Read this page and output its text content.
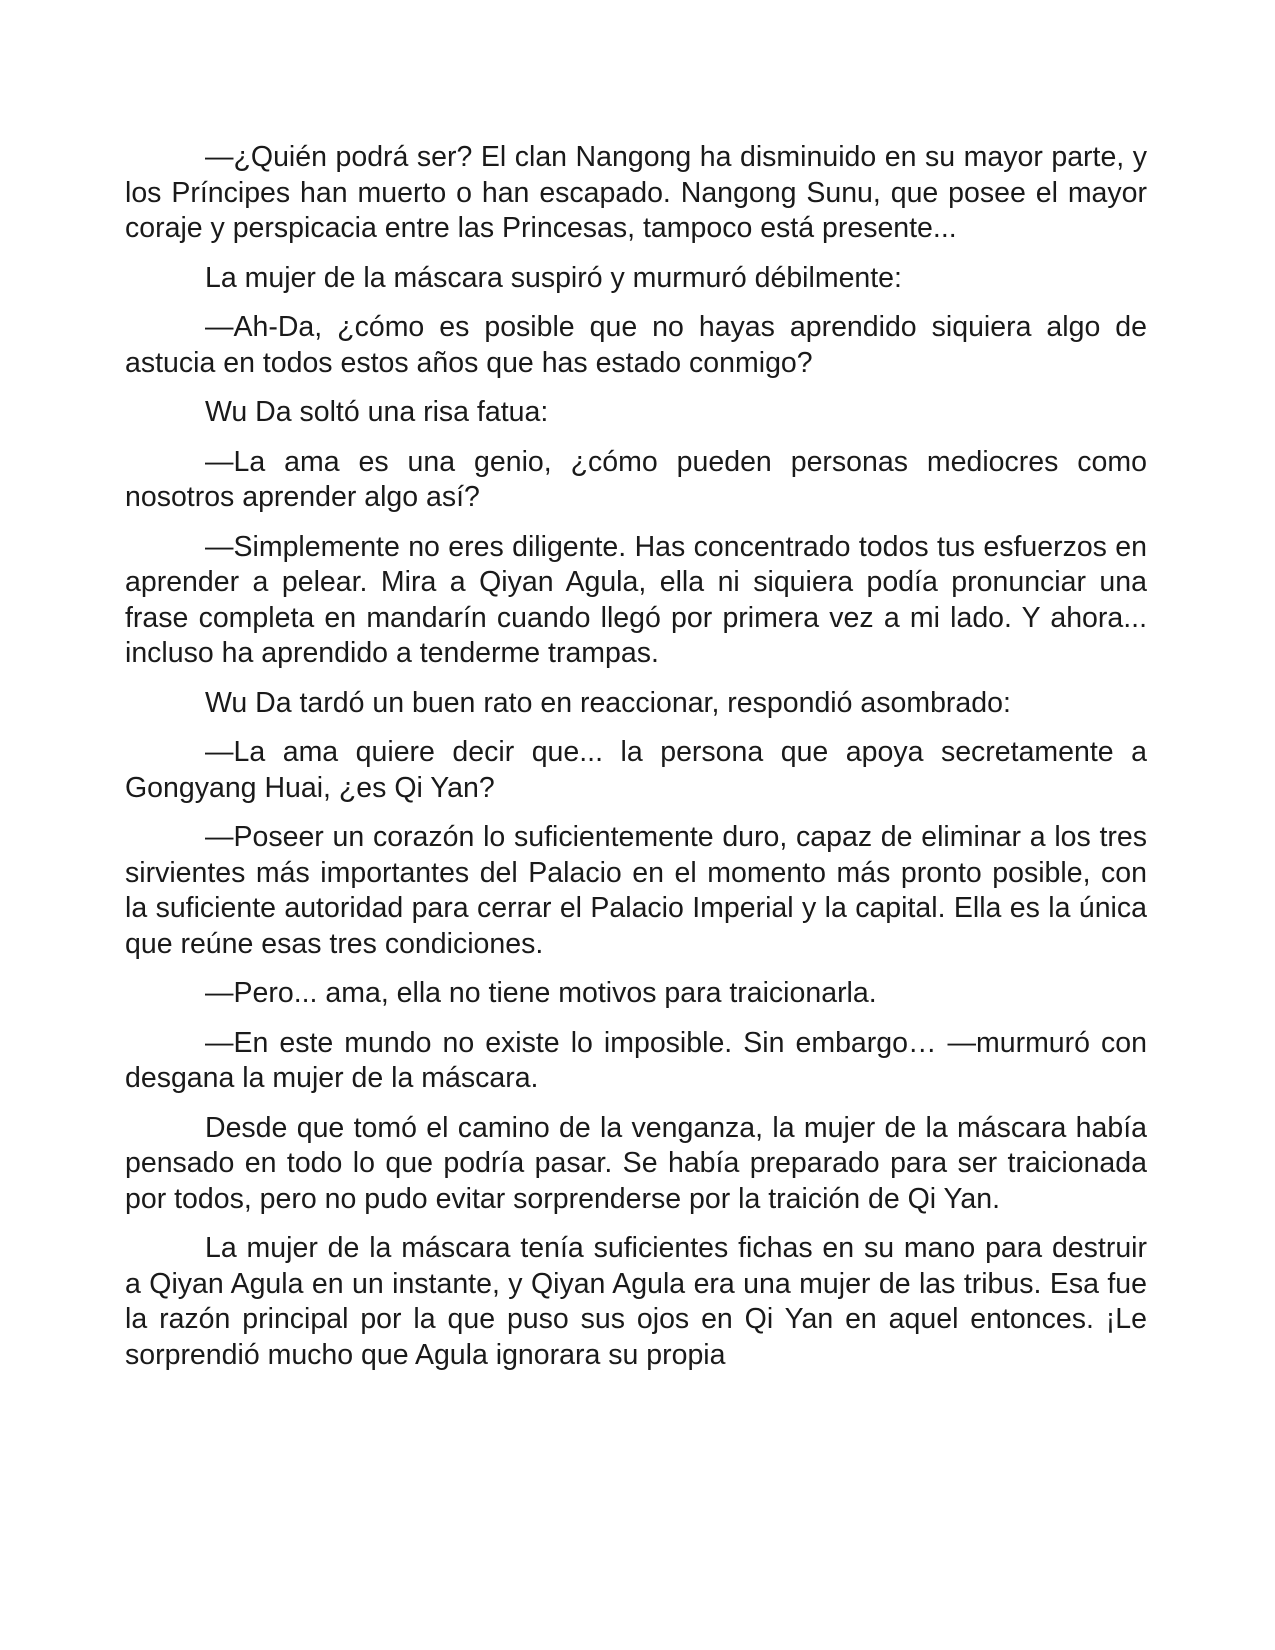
—¿Quién podrá ser? El clan Nangong ha disminuido en su mayor parte, y los Príncipes han muerto o han escapado. Nangong Sunu, que posee el mayor coraje y perspicacia entre las Princesas, tampoco está presente...

La mujer de la máscara suspiró y murmuró débilmente:

—Ah-Da, ¿cómo es posible que no hayas aprendido siquiera algo de astucia en todos estos años que has estado conmigo?

Wu Da soltó una risa fatua:

—La ama es una genio, ¿cómo pueden personas mediocres como nosotros aprender algo así?

—Simplemente no eres diligente. Has concentrado todos tus esfuerzos en aprender a pelear. Mira a Qiyan Agula, ella ni siquiera podía pronunciar una frase completa en mandarín cuando llegó por primera vez a mi lado. Y ahora... incluso ha aprendido a tenderme trampas.

Wu Da tardó un buen rato en reaccionar, respondió asombrado:

—La ama quiere decir que... la persona que apoya secretamente a Gongyang Huai, ¿es Qi Yan?

—Poseer un corazón lo suficientemente duro, capaz de eliminar a los tres sirvientes más importantes del Palacio en el momento más pronto posible, con la suficiente autoridad para cerrar el Palacio Imperial y la capital. Ella es la única que reúne esas tres condiciones.

—Pero... ama, ella no tiene motivos para traicionarla.

—En este mundo no existe lo imposible. Sin embargo… —murmuró con desgana la mujer de la máscara.

Desde que tomó el camino de la venganza, la mujer de la máscara había pensado en todo lo que podría pasar. Se había preparado para ser traicionada por todos, pero no pudo evitar sorprenderse por la traición de Qi Yan.

La mujer de la máscara tenía suficientes fichas en su mano para destruir a Qiyan Agula en un instante, y Qiyan Agula era una mujer de las tribus. Esa fue la razón principal por la que puso sus ojos en Qi Yan en aquel entonces. ¡Le sorprendió mucho que Agula ignorara su propia
